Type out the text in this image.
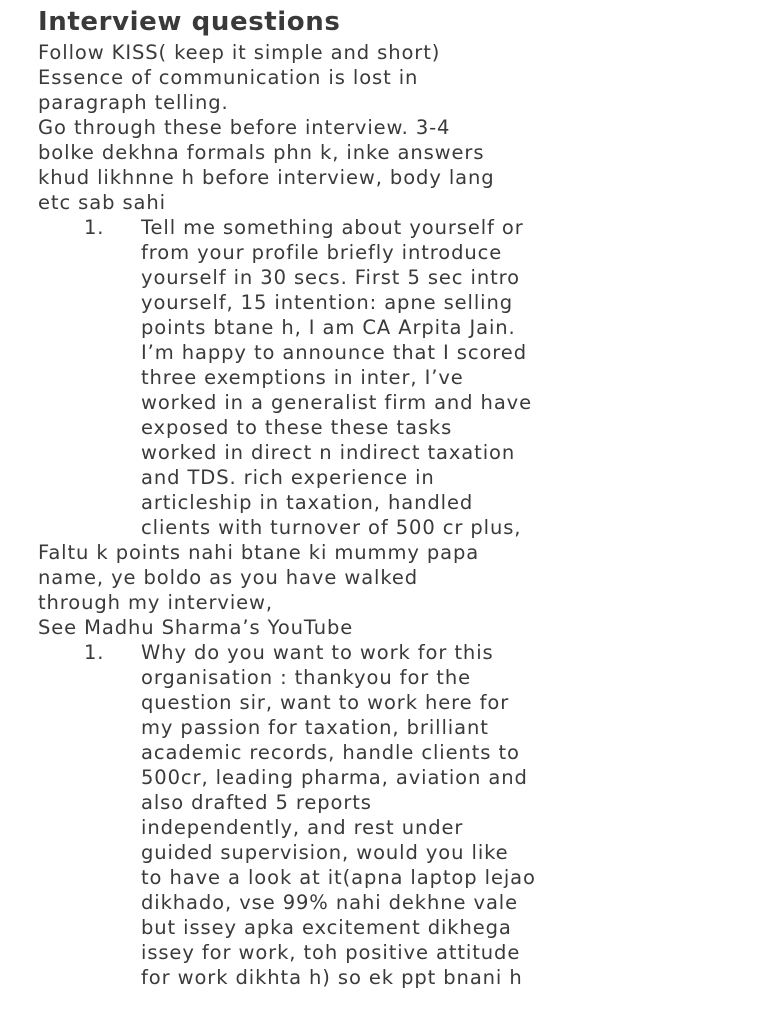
Interview questions
Follow KISS( keep it simple and short)
Essence of communication is lost in
paragraph telling.
Go through these before interview. 3-4
bolke dekhna formals phn k, inke answers
khud likhnne h before interview, body lang
etc sab sahi
1. Tell me something about yourself or
from your profile briefly introduce
yourself in 30 secs. First 5 sec intro
yourself, 15 intention: apne selling
points btane h, I am CA Arpita Jain.
I’m happy to announce that I scored
three exemptions in inter, I’ve
worked in a generalist firm and have
exposed to these these tasks
worked in direct n indirect taxation
and TDS. rich experience in
articleship in taxation, handled
clients with turnover of 500 cr plus,
Faltu k points nahi btane ki mummy papa
name, ye boldo as you have walked
through my interview,
See Madhu Sharma’s YouTube
1. Why do you want to work for this
organisation : thankyou for the
question sir, want to work here for
my passion for taxation, brilliant
academic records, handle clients to
500cr, leading pharma, aviation and
also drafted 5 reports
independently, and rest under
guided supervision, would you like
to have a look at it(apna laptop lejao
dikhado, vse 99% nahi dekhne vale
but issey apka excitement dikhega
issey for work, toh positive attitude
for work dikhta h) so ek ppt bnani h
